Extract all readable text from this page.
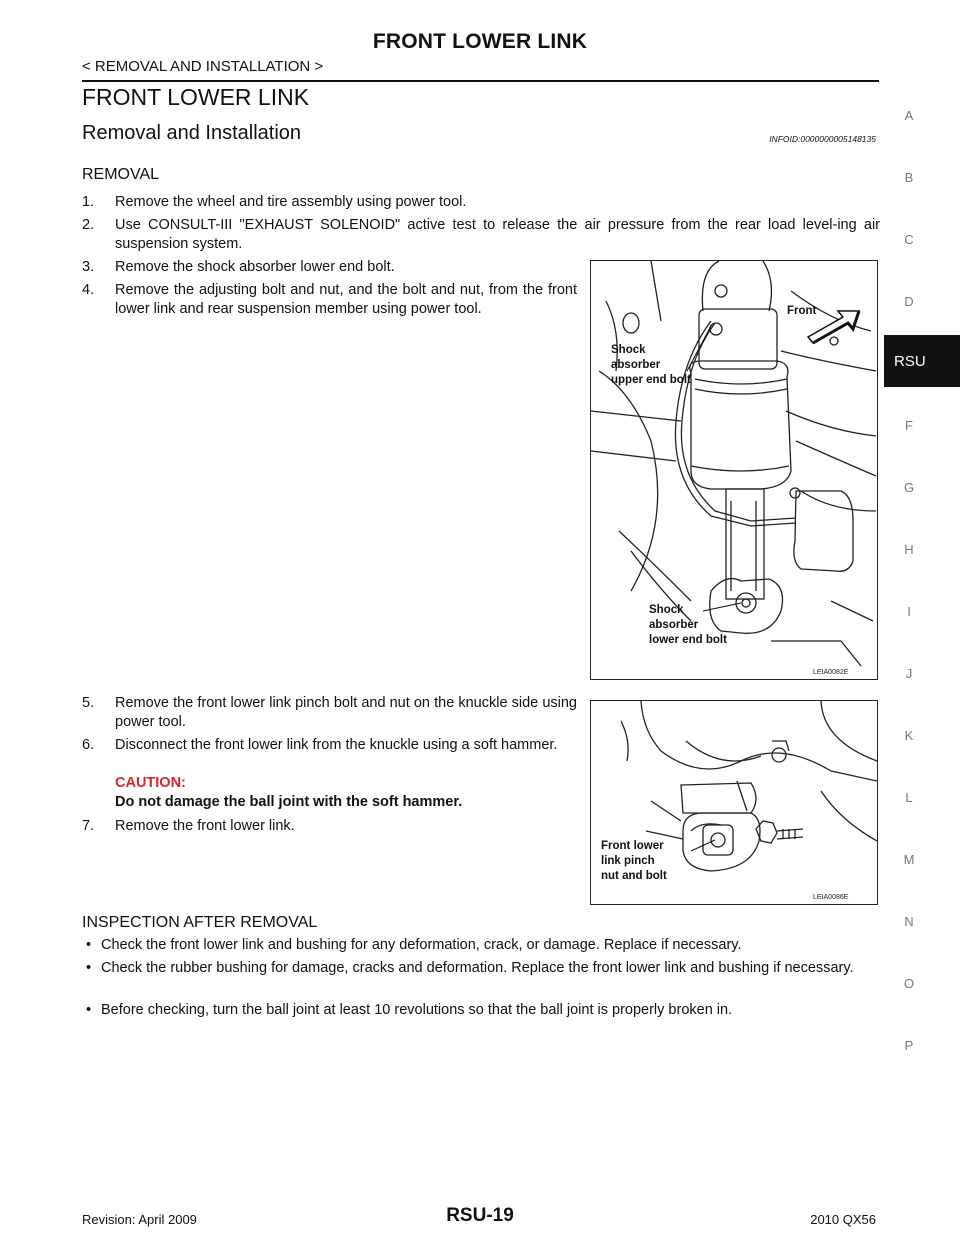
FRONT LOWER LINK
< REMOVAL AND INSTALLATION >
FRONT LOWER LINK
Removal and Installation	INFOID:0000000005148135
REMOVAL
1. Remove the wheel and tire assembly using power tool.
2. Use CONSULT-III "EXHAUST SOLENOID" active test to release the air pressure from the rear load level-ing air suspension system.
3. Remove the shock absorber lower end bolt.
4. Remove the adjusting bolt and nut, and the bolt and nut, from the front lower link and rear suspension member using power tool.	Front
Shock
absorber
upper end bolt
Shock
absorber
lower end bolt
LEIA0082E
5. Remove the front lower link pinch bolt and nut on the knuckle side using power tool.
6. Disconnect the front lower link from the knuckle using a soft hammer.
CAUTION:
Do not damage the ball joint with the soft hammer.
7. Remove the front lower link.
Front lower
link pinch
nut and bolt
LEIA0086E
INSPECTION AFTER REMOVAL
• Check the front lower link and bushing for any deformation, crack, or damage. Replace if necessary.
• Check the rubber bushing for damage, cracks and deformation. Replace the front lower link and bushing if necessary.
• Before checking, turn the ball joint at least 10 revolutions so that the ball joint is properly broken in.
A
B
C
D
RSU
F
G
H
I
J
K
L
M
N
O
P
Revision: April 2009	RSU-19	2010 QX56
